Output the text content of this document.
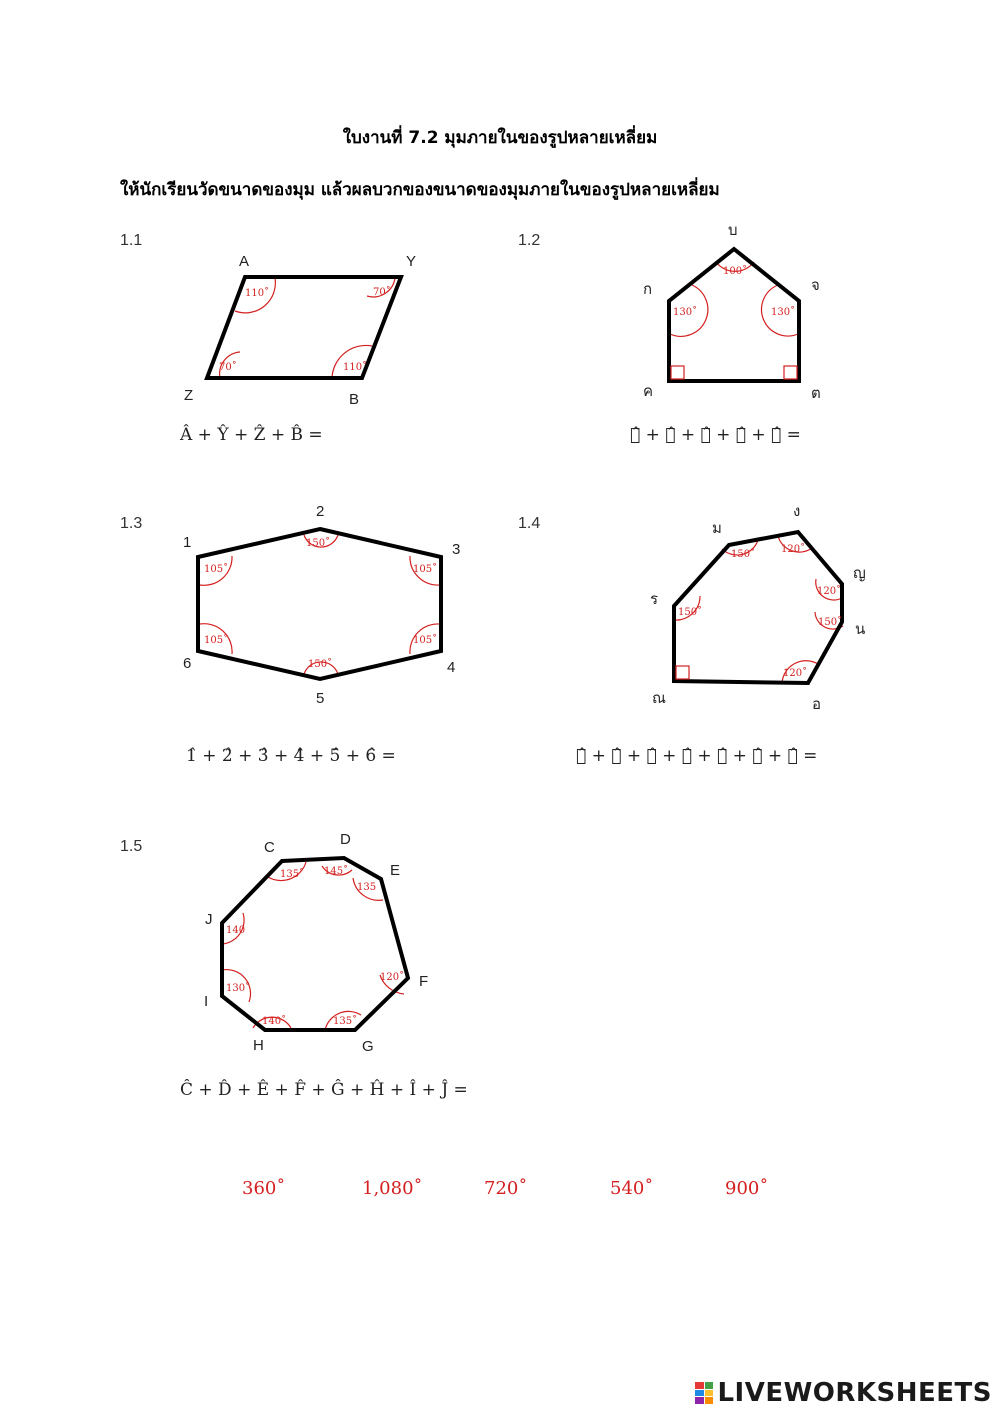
ใบงานที่ 7.2 มุมภายในของรูปหลายเหลี่ยม
ให้นักเรียนวัดขนาดของมุม แล้วผลบวกของขนาดของมุมภายในของรูปหลายเหลี่ยม
1.1	1.2
1.3	1.4
1.5
Â + Ŷ + Ẑ + B̂ =	ก̂ + บ̂ + จ̂ + ต̂ + ค̂ =
1̂ + 2̂ + 3̂ + 4̂ + 5̂ + 6̂ =	ง̂ + ญ̂ + น̂ + อ̂ + ณ̂ + ร̂ + ม̂ =
Ĉ + D̂ + Ê + F̂ + Ĝ + Ĥ + Î + Ĵ =
110˚	70˚
70˚	110˚
100˚
130˚	130˚
150˚
105˚	105˚
105˚	105˚
150˚
150˚	120˚
120˚
150˚
150˚
120˚
135˚ 145˚
135
140
120˚
130˚
140˚	135˚
A	Y
Z	B
บ
ก	จ
ค	ต
2
1	3
6	4
5
ง
ม
ญ
ร
น
ณ	อ
C	D
E
J
F
I
H	G
360˚	1,080˚	720˚	540˚	900˚
LIVEWORKSHEETS
